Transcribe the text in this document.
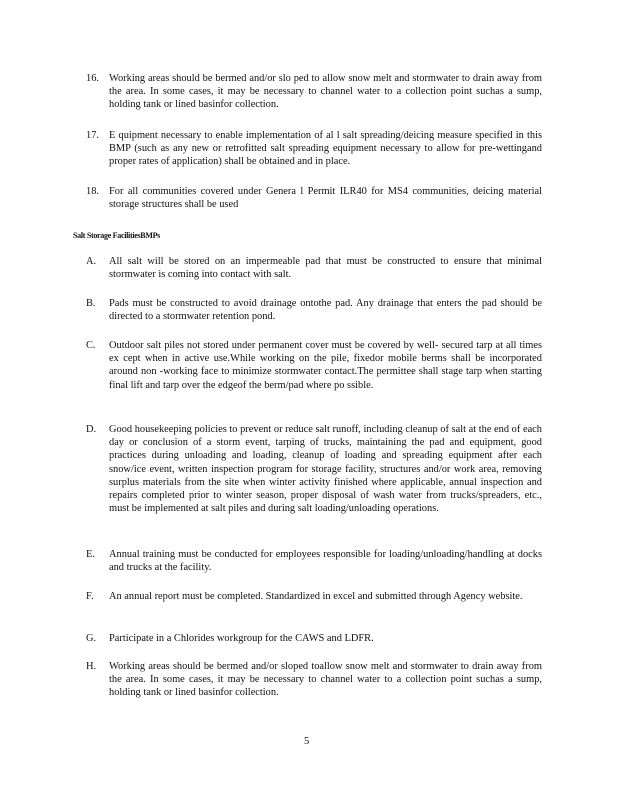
16. Working areas should be bermed and/or slo ped to allow snow melt and stormwater to drain away from the area. In some cases, it may be necessary to channel water to a collection point suchas a sump, holding tank or lined basinfor collection.
17. E quipment necessary to enable implementation of al l salt spreading/deicing measure specified in this BMP (such as any new or retrofitted salt spreading equipment necessary to allow for pre-wettingand proper rates of application) shall be obtained and in place.
18. For all communities covered under Genera l Permit ILR40 for MS4 communities, deicing material storage structures shall be used
Salt Storage FacilitiesBMPs
A. All salt will be stored on an impermeable pad that must be constructed to ensure that minimal stormwater is coming into contact with salt.
B. Pads must be constructed to avoid drainage ontothe pad. Any drainage that enters the pad should be directed to a stormwater retention pond.
C. Outdoor salt piles not stored under permanent cover must be covered by well- secured tarp at all times ex cept when in active use.While working on the pile, fixedor mobile berms shall be incorporated around non -working face to minimize stormwater contact.The permittee shall stage tarp when starting final lift and tarp over the edgeof the berm/pad where po ssible.
D. Good housekeeping policies to prevent or reduce salt runoff, including cleanup of salt at the end of each day or conclusion of a storm event, tarping of trucks, maintaining the pad and equipment, good practices during unloading and loading, cleanup of loading and spreading equipment after each snow/ice event, written inspection program for storage facility, structures and/or work area, removing surplus materials from the site when winter activity finished where applicable, annual inspection and repairs completed prior to winter season, proper disposal of wash water from trucks/spreaders, etc., must be implemented at salt piles and during salt loading/unloading operations.
E. Annual training must be conducted for employees responsible for loading/unloading/handling at docks and trucks at the facility.
F. An annual report must be completed. Standardized in excel and submitted through Agency website.
G. Participate in a Chlorides workgroup for the CAWS and LDFR.
H. Working areas should be bermed and/or sloped toallow snow melt and stormwater to drain away from the area. In some cases, it may be necessary to channel water to a collection point suchas a sump, holding tank or lined basinfor collection.
5
